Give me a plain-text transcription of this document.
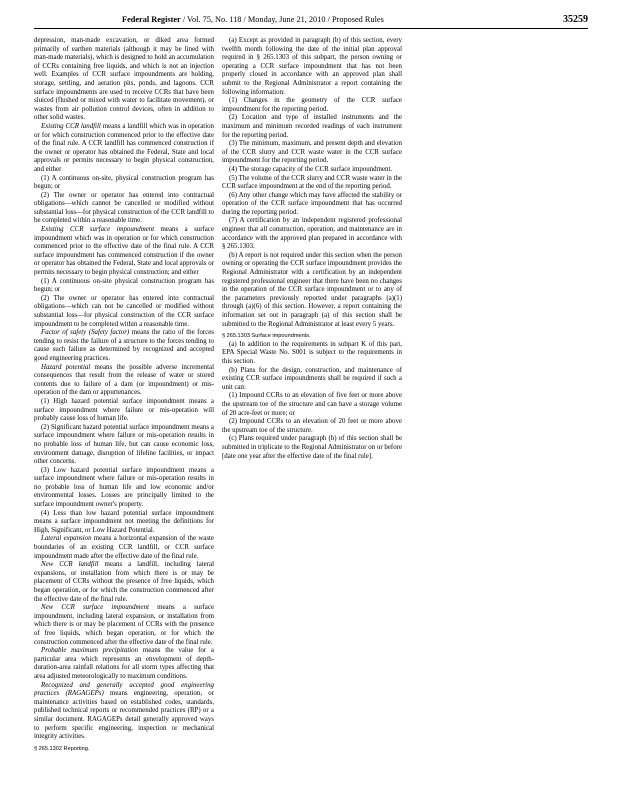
Federal Register / Vol. 75, No. 118 / Monday, June 21, 2010 / Proposed Rules	35259

depression, man-made excavation, or diked area formed primarily of earthen materials (although it may be lined with man-made materials), which is designed to hold an accumulation of CCRs containing free liquids, and which is not an injection well. Examples of CCR surface impoundments are holding, storage, settling, and aeration pits, ponds, and lagoons. CCR surface impoundments are used to receive CCRs that have been sluiced (flushed or mixed with water to facilitate movement), or wastes from air pollution control devices, often in addition to other solid wastes.

Existing CCR landfill means a landfill which was in operation or for which construction commenced prior to the effective date of the final rule. A CCR landfill has commenced construction if the owner or operator has obtained the Federal, State and local approvals or permits necessary to begin physical construction, and either

(1) A continuous on-site, physical construction program has begun; or

(2) The owner or operator has entered into contractual obligations—which cannot be cancelled or modified without substantial loss—for physical construction of the CCR landfill to be completed within a reasonable time.

Existing CCR surface impoundment means a surface impoundment which was in operation or for which construction commenced prior to the effective date of the final rule. A CCR surface impoundment has commenced construction if the owner or operator has obtained the Federal, State and local approvals or permits necessary to begin physical construction; and either

(1) A continuous on-site physical construction program has begun; or

(2) The owner or operator has entered into contractual obligations—which can not be cancelled or modified without substantial loss—for physical construction of the CCR surface impoundment to be completed within a reasonable time.

Factor of safety (Safety factor) means the ratio of the forces tending to resist the failure of a structure to the forces tending to cause such failure as determined by recognized and accepted good engineering practices.

Hazard potential means the possible adverse incremental consequences that result from the release of water or stored contents due to failure of a dam (or impoundment) or mis-operation of the dam or appurtenances.

(1) High hazard potential surface impoundment means a surface impoundment where failure or mis-operation will probably cause loss of human life.

(2) Significant hazard potential surface impoundment means a surface impoundment where failure or mis-operation results in no probable loss of human life, but can cause economic loss, environment damage, disruption of lifeline facilities, or impact other concerns.

(3) Low hazard potential surface impoundment means a surface impoundment where failure or mis-operation results in no probable loss of human life and low economic and/or environmental losses. Losses are principally limited to the surface impoundment owner's property.

(4) Less than low hazard potential surface impoundment means a surface impoundment not meeting the definitions for High, Significant, or Low Hazard Potential.

Lateral expansion means a horizontal expansion of the waste boundaries of an existing CCR landfill, or CCR surface impoundment made after the effective date of the final rule.

New CCR landfill means a landfill, including lateral expansions, or installation from which there is or may be placement of CCRs without the presence of free liquids, which began operation, or for which the construction commenced after the effective date of the final rule.

New CCR surface impoundment means a surface impoundment, including lateral expansion, or installation from which there is or may be placement of CCRs with the presence of free liquids, which began operation, or for which the construction commenced after the effective date of the final rule.

Probable maximum precipitation means the value for a particular area which represents an envelopment of depth-duration-area rainfall relations for all storm types affecting that area adjusted meteorologically to maximum conditions.

Recognized and generally accepted good engineering practices (RAGAGEPs) means engineering, operation, or maintenance activities based on established codes, standards, published technical reports or recommended practices (RP) or a similar document. RAGAGEPs detail generally approved ways to perform specific engineering, inspection or mechanical integrity activities.

§ 265.1302 Reporting.

(a) Except as provided in paragraph (b) of this section, every twelfth month following the date of the initial plan approval required in § 265.1303 of this subpart, the person owning or operating a CCR surface impoundment that has not been properly closed in accordance with an approved plan shall submit to the Regional Administrator a report containing the following information:

(1) Changes in the geometry of the CCR surface impoundment for the reporting period.

(2) Location and type of installed instruments and the maximum and minimum recorded readings of each instrument for the reporting period.

(3) The minimum, maximum, and present depth and elevation of the CCR slurry and CCR waste water in the CCR surface impoundment for the reporting period.

(4) The storage capacity of the CCR surface impoundment.

(5) The volume of the CCR slurry and CCR waste water in the CCR surface impoundment at the end of the reporting period.

(6) Any other change which may have affected the stability or operation of the CCR surface impoundment that has occurred during the reporting period.

(7) A certification by an independent registered professional engineer that all construction, operation, and maintenance are in accordance with the approved plan prepared in accordance with § 265.1303.

(b) A report is not required under this section when the person owning or operating the CCR surface impoundment provides the Regional Administrator with a certification by an independent registered professional engineer that there have been no changes in the operation of the CCR surface impoundment or to any of the parameters previously reported under paragraphs (a)(1) through (a)(6) of this section. However, a report containing the information set out in paragraph (a) of this section shall be submitted to the Regional Administrator at least every 5 years.

§ 265.1303 Surface impoundments.

(a) In addition to the requirements in subpart K of this part, EPA Special Waste No. S001 is subject to the requirements in this section.

(b) Plans for the design, construction, and maintenance of existing CCR surface impoundments shall be required if such a unit can:

(1) Impound CCRs to an elevation of five feet or more above the upstream toe of the structure and can have a storage volume of 20 acre-feet or more; or

(2) Impound CCRs to an elevation of 20 feet or more above the upstream toe of the structure.

(c) Plans required under paragraph (b) of this section shall be submitted in triplicate to the Regional Administrator on or before [date one year after the effective date of the final rule].
